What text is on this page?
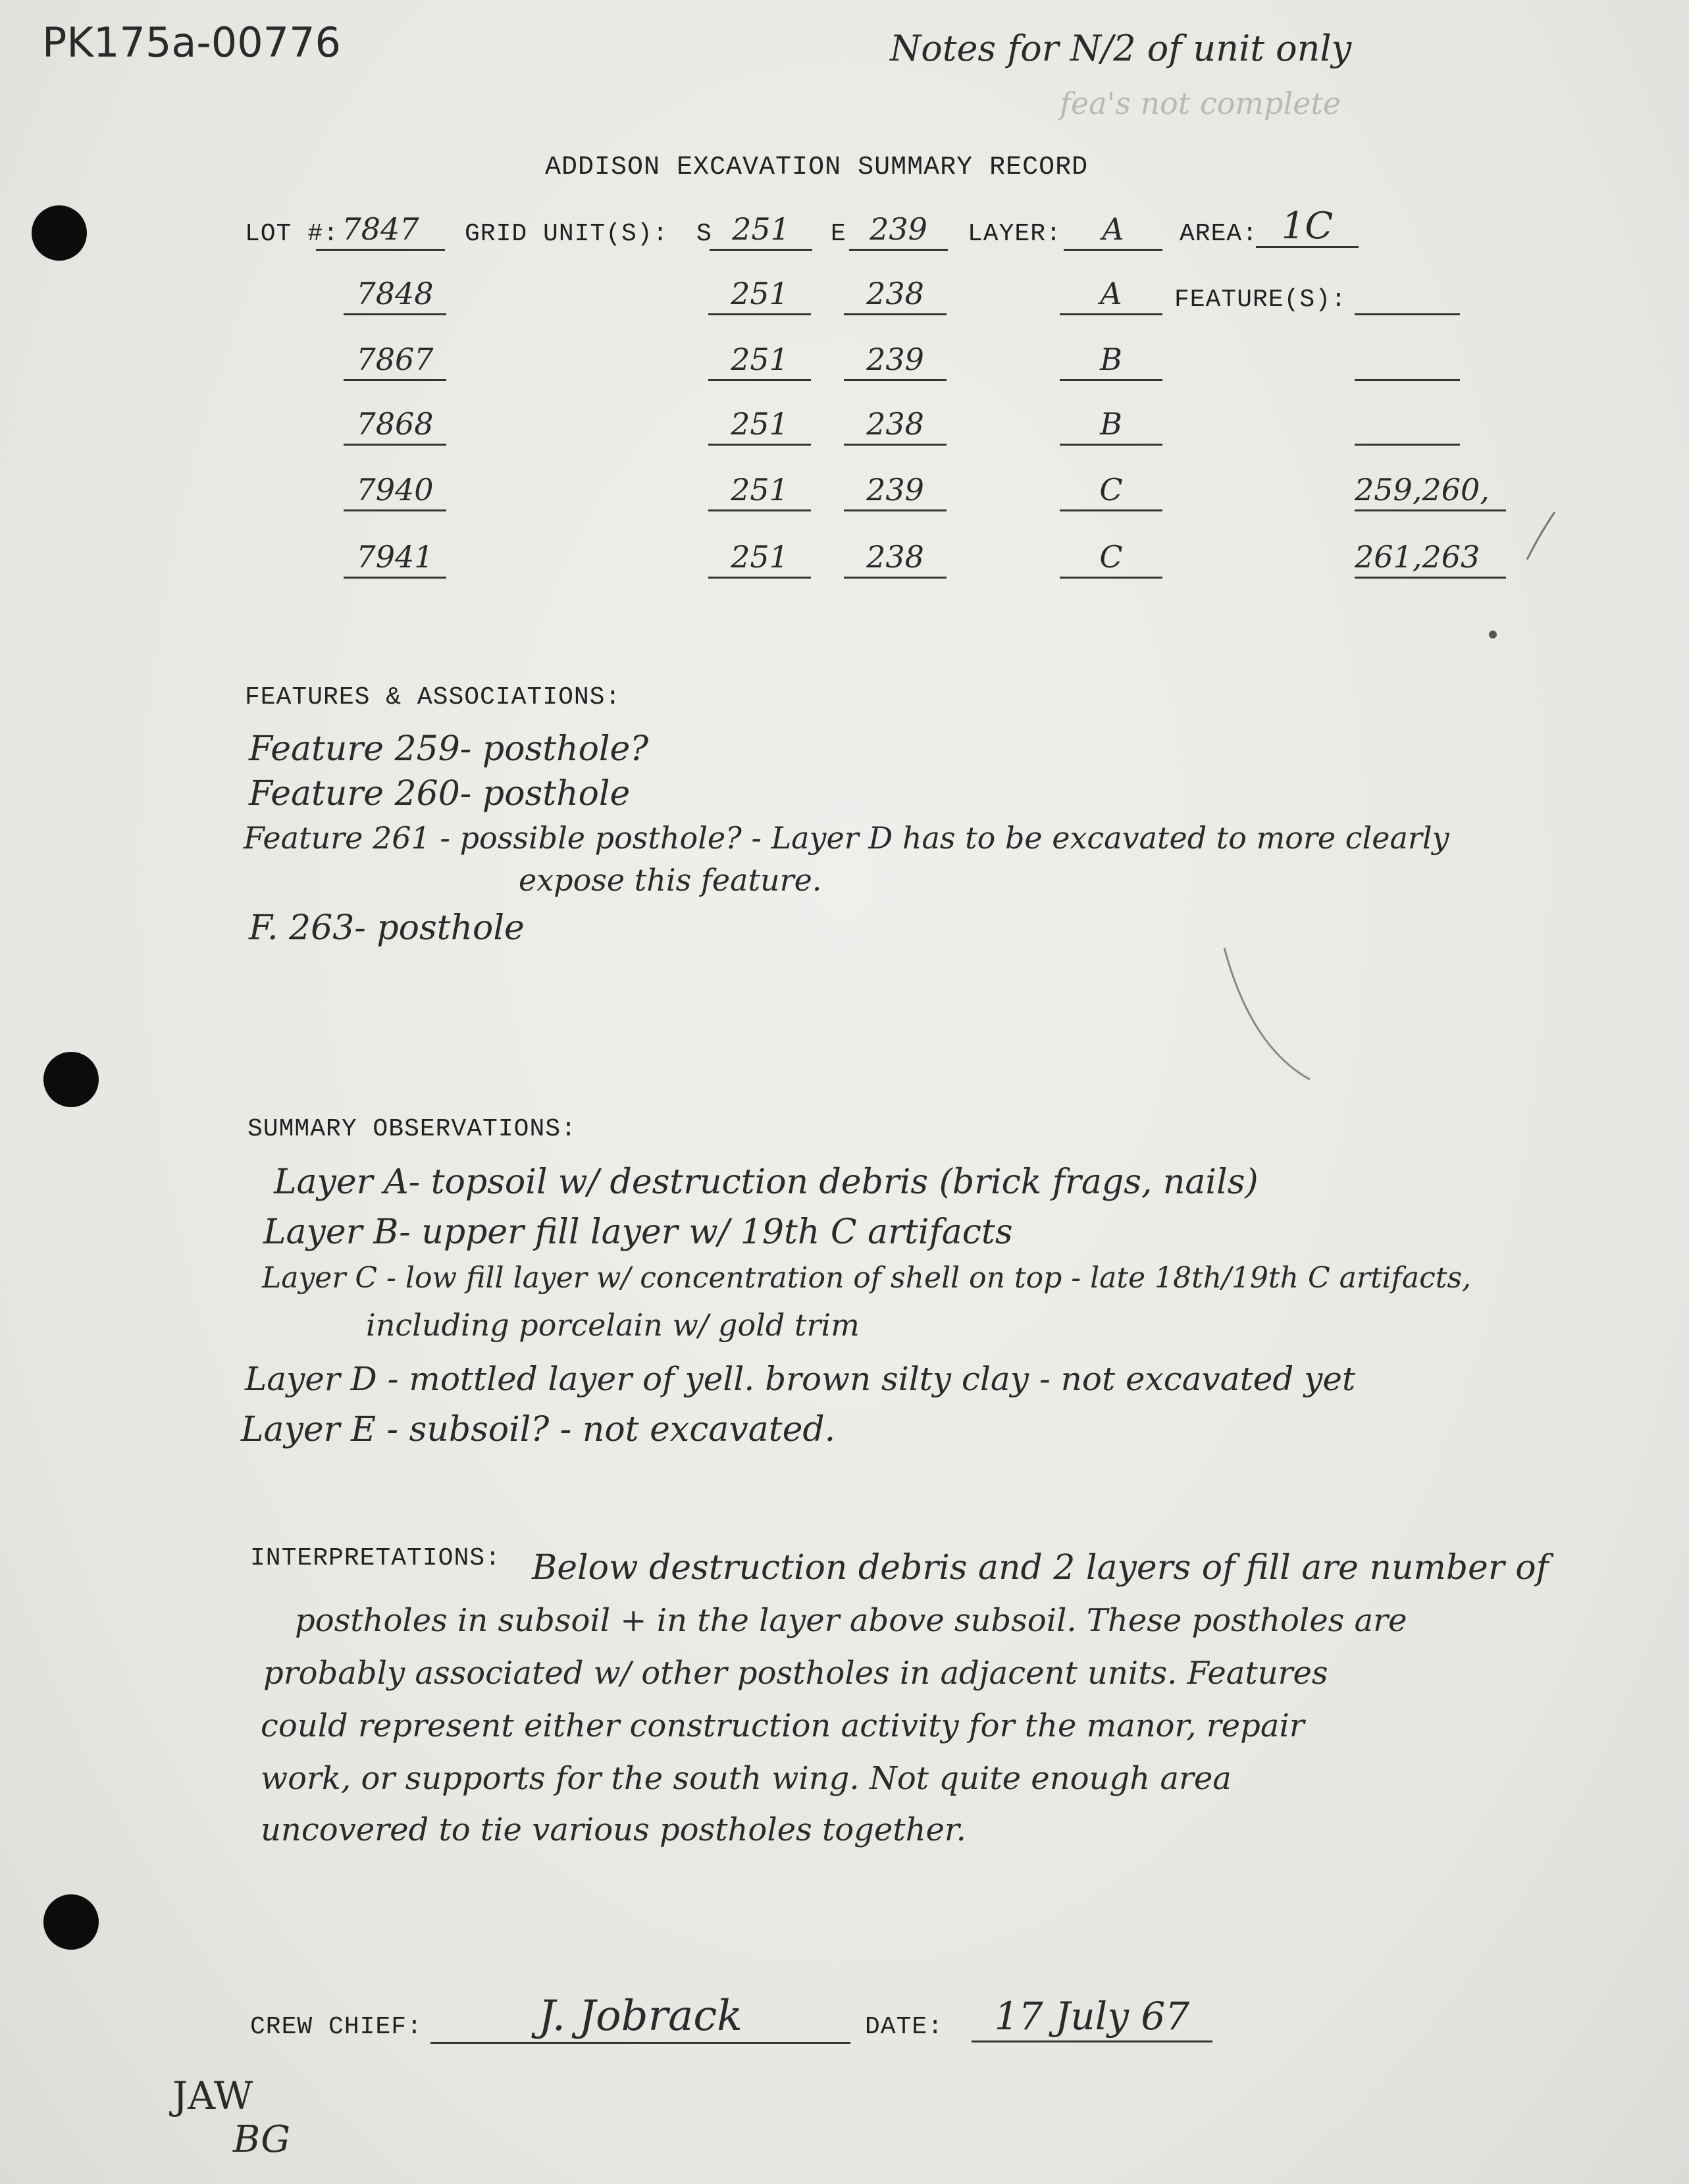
PK175a-00776	Notes for N/2 of unit only
fea's not complete
ADDISON EXCAVATION SUMMARY RECORD
LOT #:	GRID UNIT(S): S	E	LAYER:	AREA: 1C
FEATURE(S):
7847	251	239	A
7848	251	238	A
7867	251	239	B
7868	251	238	B
7940	251	239	C	259,260,
7941	251	238	C	261,263
FEATURES & ASSOCIATIONS:
Feature 259- posthole?
Feature 260- posthole
Feature 261 - possible posthole? - Layer D has to be excavated to more clearly
expose this feature.
F. 263- posthole
SUMMARY OBSERVATIONS:
Layer A- topsoil w/ destruction debris (brick frags, nails)
Layer B- upper fill layer w/ 19th C artifacts
Layer C - low fill layer w/ concentration of shell on top - late 18th/19th C artifacts,
including porcelain w/ gold trim
Layer D - mottled layer of yell. brown silty clay - not excavated yet
Layer E - subsoil? - not excavated.
INTERPRETATIONS: Below destruction debris and 2 layers of fill are number of
postholes in subsoil + in the layer above subsoil. These postholes are
probably associated w/ other postholes in adjacent units. Features
could represent either construction activity for the manor, repair
work, or supports for the south wing. Not quite enough area
uncovered to tie various postholes together.
CREW CHIEF:	J. Jobrack	DATE:	17 July 67
JAW
BG
